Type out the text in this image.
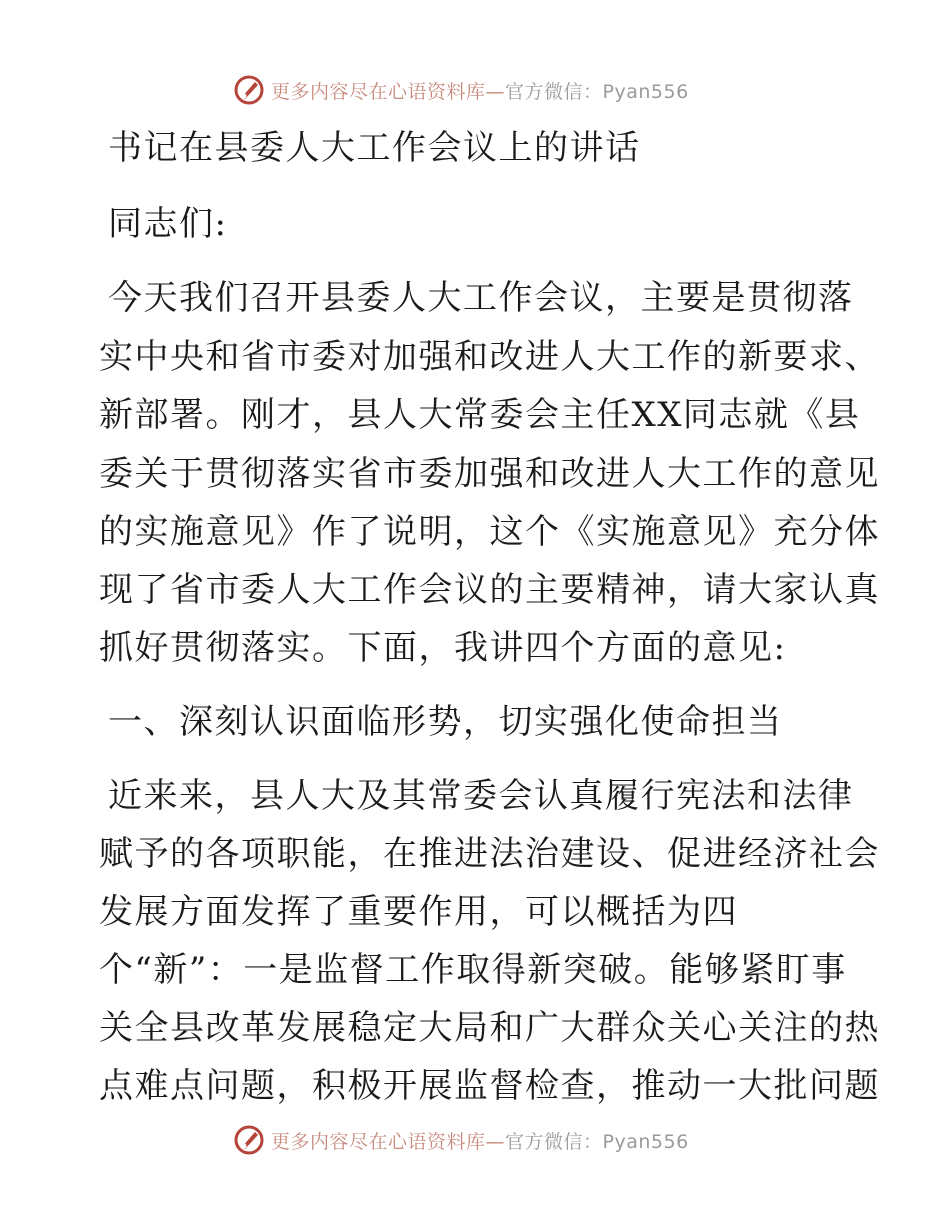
更多内容尽在心语资料库—官方微信：Pyan556
书记在县委人大工作会议上的讲话
同志们:
今天我们召开县委人大工作会议，主要是贯彻落
实中央和省市委对加强和改进人大工作的新要求、
新部署。刚才，县人大常委会主任XX同志就《县
委关于贯彻落实省市委加强和改进人大工作的意见
的实施意见》作了说明，这个《实施意见》充分体
现了省市委人大工作会议的主要精神，请大家认真
抓好贯彻落实。下面，我讲四个方面的意见:
一、深刻认识面临形势，切实强化使命担当
近来来，县人大及其常委会认真履行宪法和法律
赋予的各项职能，在推进法治建设、促进经济社会
发展方面发挥了重要作用，可以概括为四
个“新”：一是监督工作取得新突破。能够紧盯事
关全县改革发展稳定大局和广大群众关心关注的热
点难点问题，积极开展监督检查，推动一大批问题
更多内容尽在心语资料库—官方微信：Pyan556
